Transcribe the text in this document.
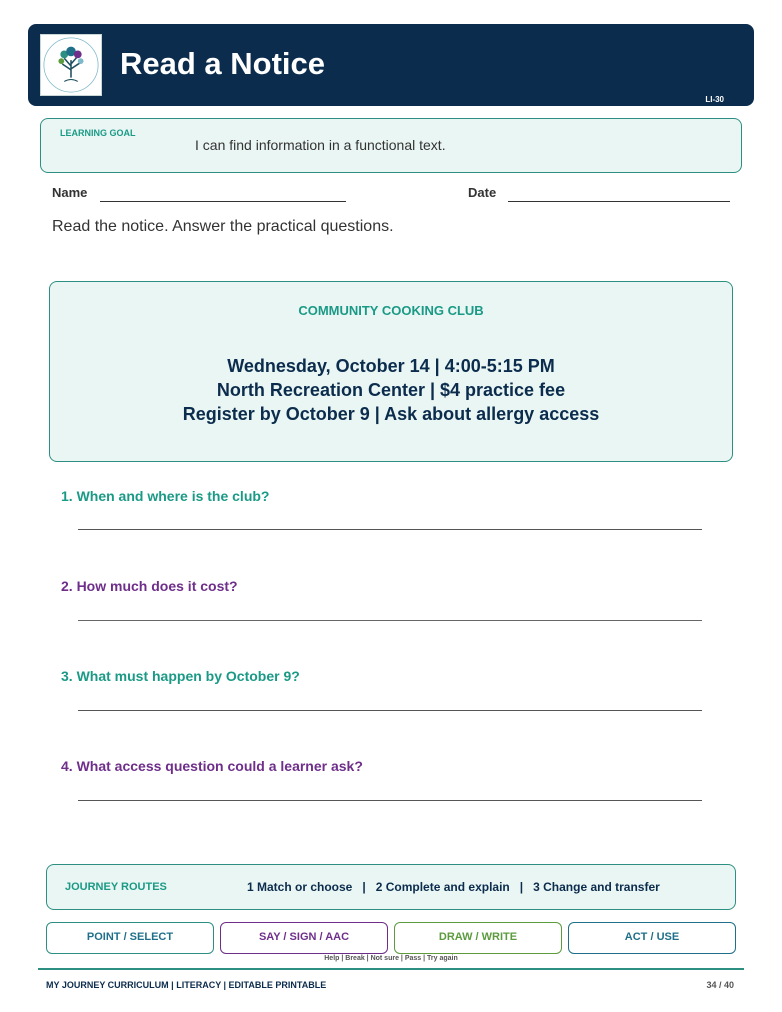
Read a Notice
LI-30
LEARNING GOAL
I can find information in a functional text.
Name	Date
Read the notice. Answer the practical questions.
COMMUNITY COOKING CLUB
Wednesday, October 14 | 4:00-5:15 PM
North Recreation Center | $4 practice fee
Register by October 9 | Ask about allergy access
1. When and where is the club?
2. How much does it cost?
3. What must happen by October 9?
4. What access question could a learner ask?
JOURNEY ROUTES	1 Match or choose   |   2 Complete and explain   |   3 Change and transfer
POINT / SELECT	SAY / SIGN / AAC	DRAW / WRITE	ACT / USE
Help | Break | Not sure | Pass | Try again
MY JOURNEY CURRICULUM | LITERACY | EDITABLE PRINTABLE	34 / 40
